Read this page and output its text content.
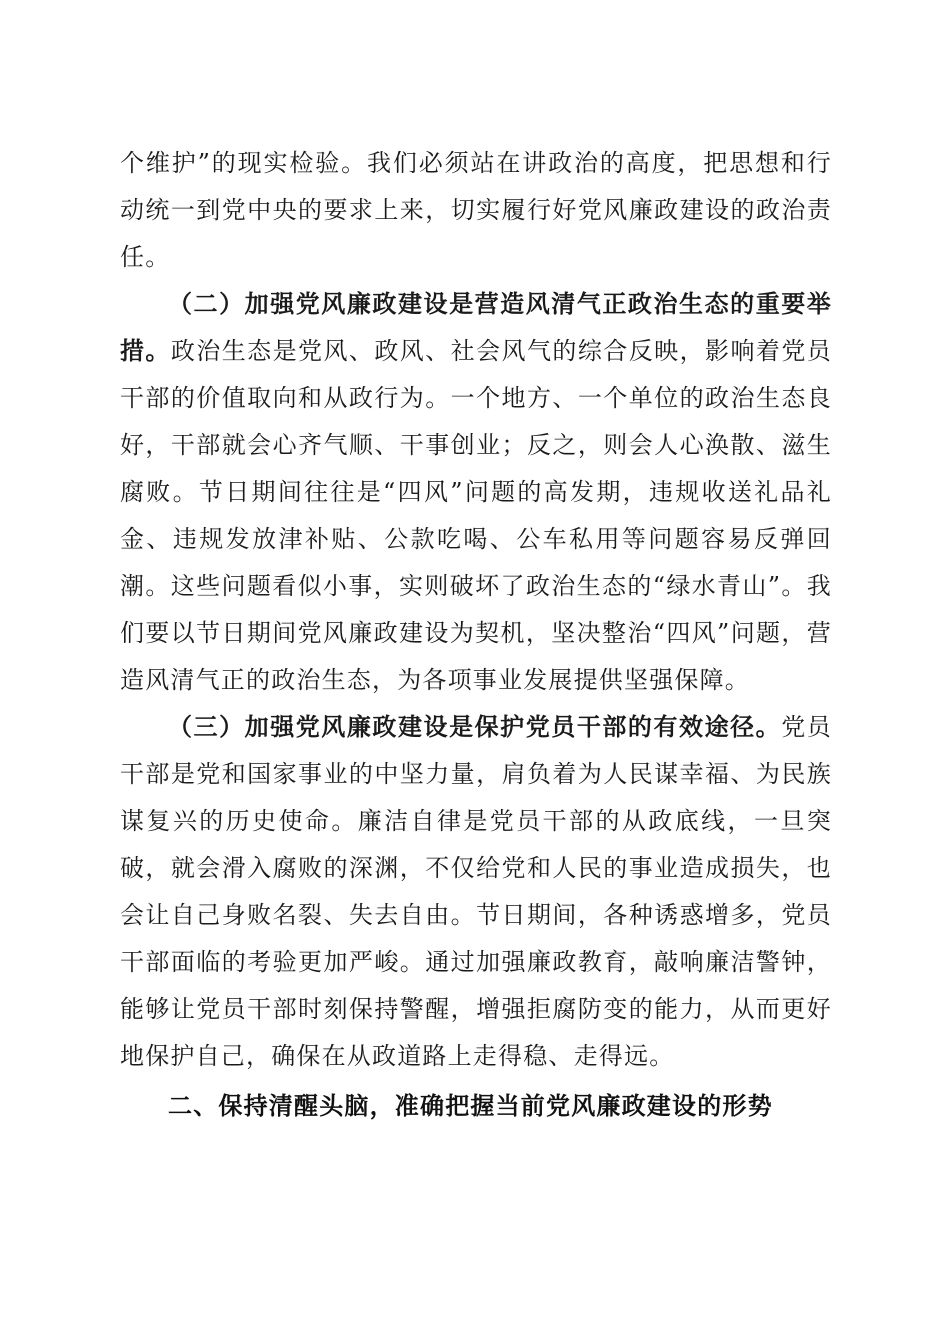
个维护”的现实检验。我们必须站在讲政治的高度，把思想和行动统一到党中央的要求上来，切实履行好党风廉政建设的政治责任。

（二）加强党风廉政建设是营造风清气正政治生态的重要举措。政治生态是党风、政风、社会风气的综合反映，影响着党员干部的价值取向和从政行为。一个地方、一个单位的政治生态良好，干部就会心齐气顺、干事创业；反之，则会人心涣散、滋生腐败。节日期间往往是“四风”问题的高发期，违规收送礼品礼金、违规发放津补贴、公款吃喝、公车私用等问题容易反弹回潮。这些问题看似小事，实则破坏了政治生态的“绿水青山”。我们要以节日期间党风廉政建设为契机，坚决整治“四风”问题，营造风清气正的政治生态，为各项事业发展提供坚强保障。

（三）加强党风廉政建设是保护党员干部的有效途径。党员干部是党和国家事业的中坚力量，肩负着为人民谋幸福、为民族谋复兴的历史使命。廉洁自律是党员干部的从政底线，一旦突破，就会滑入腐败的深渊，不仅给党和人民的事业造成损失，也会让自己身败名裂、失去自由。节日期间，各种诱惑增多，党员干部面临的考验更加严峻。通过加强廉政教育，敲响廉洁警钟，能够让党员干部时刻保持警醒，增强拒腐防变的能力，从而更好地保护自己，确保在从政道路上走得稳、走得远。

二、保持清醒头脑，准确把握当前党风廉政建设的形势
